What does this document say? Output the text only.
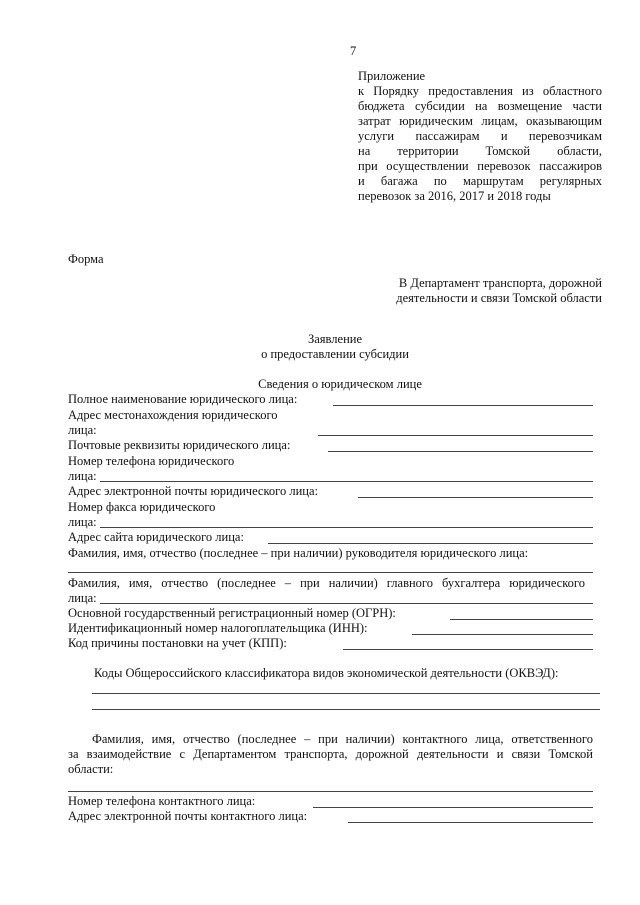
7
Приложение
к Порядку предоставления из областного
бюджета субсидии на возмещение части
затрат юридическим лицам, оказывающим
услуги пассажирам и перевозчикам
на территории Томской области,
при осуществлении перевозок пассажиров
и багажа по маршрутам регулярных
перевозок за 2016, 2017 и 2018 годы
Форма
В Департамент транспорта, дорожной
деятельности и связи Томской области
Заявление
о предоставлении субсидии
Сведения о юридическом лице
Полное наименование юридического лица:
Адрес местонахождения юридического
лица:
Почтовые реквизиты юридического лица:
Номер телефона юридического
лица:
Адрес электронной почты юридического лица:
Номер факса юридического
лица:
Адрес сайта юридического лица:
Фамилия, имя, отчество (последнее – при наличии) руководителя юридического лица:
Фамилия, имя, отчество (последнее – при наличии) главного бухгалтера юридического
лица:
Основной государственный регистрационный номер (ОГРН):
Идентификационный номер налогоплательщика (ИНН):
Код причины постановки на учет (КПП):
Коды Общероссийского классификатора видов экономической деятельности (ОКВЭД):
Фамилия, имя, отчество (последнее – при наличии) контактного лица, ответственного
за взаимодействие с Департаментом транспорта, дорожной деятельности и связи Томской
области:
Номер телефона контактного лица:
Адрес электронной почты контактного лица:
